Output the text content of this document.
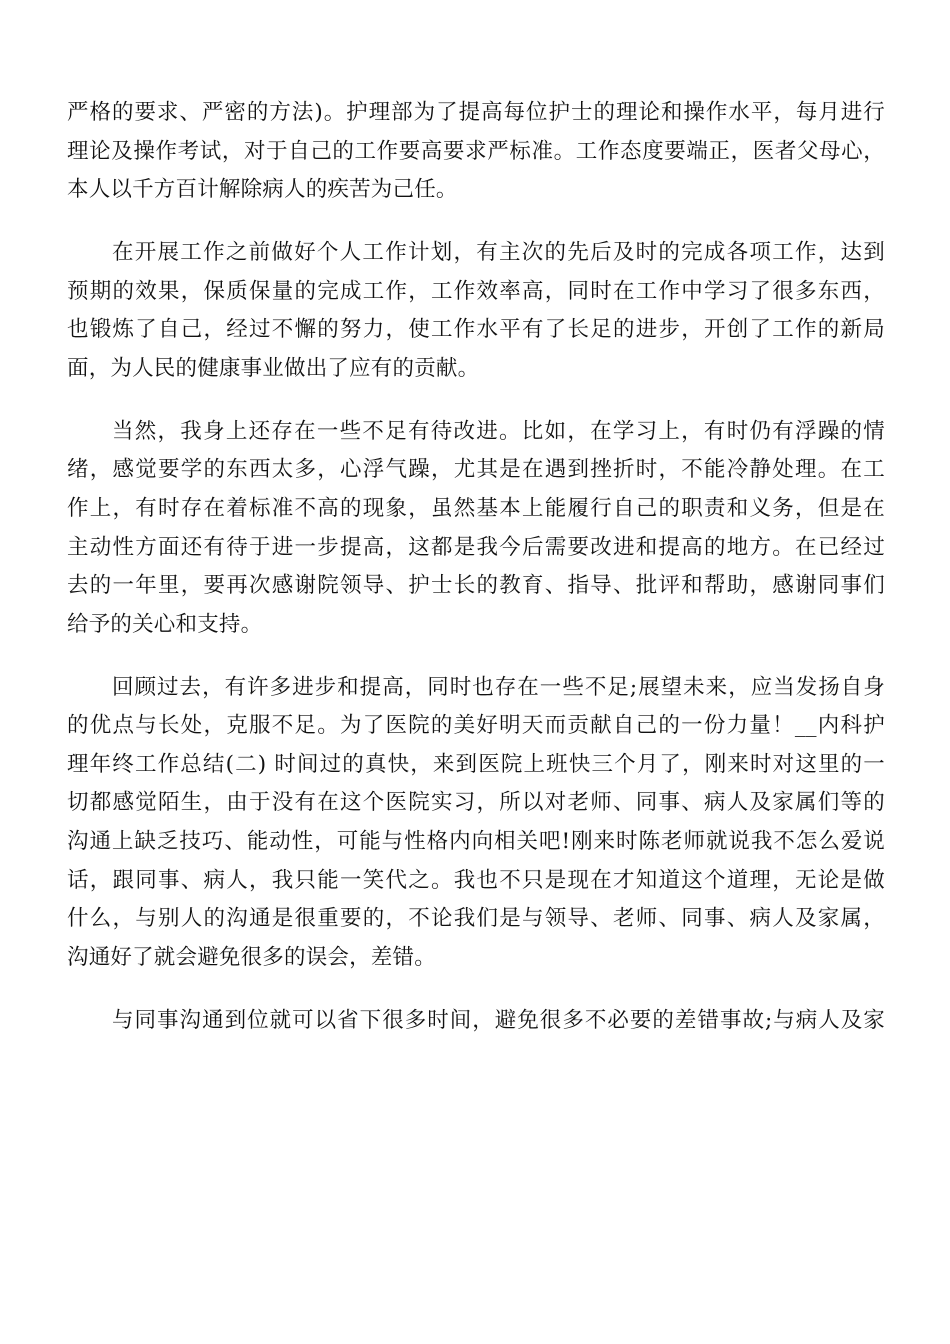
严格的要求、严密的方法)。护理部为了提高每位护士的理论和操作水平，每月进行
理论及操作考试，对于自己的工作要高要求严标准。工作态度要端正，医者父母心，
本人以千方百计解除病人的疾苦为己任。
在开展工作之前做好个人工作计划，有主次的先后及时的完成各项工作，达到
预期的效果，保质保量的完成工作，工作效率高，同时在工作中学习了很多东西，
也锻炼了自己，经过不懈的努力，使工作水平有了长足的进步，开创了工作的新局
面，为人民的健康事业做出了应有的贡献。
当然，我身上还存在一些不足有待改进。比如，在学习上，有时仍有浮躁的情
绪，感觉要学的东西太多，心浮气躁，尤其是在遇到挫折时，不能冷静处理。在工
作上，有时存在着标准不高的现象，虽然基本上能履行自己的职责和义务，但是在
主动性方面还有待于进一步提高，这都是我今后需要改进和提高的地方。在已经过
去的一年里，要再次感谢院领导、护士长的教育、指导、批评和帮助，感谢同事们
给予的关心和支持。
回顾过去，有许多进步和提高，同时也存在一些不足;展望未来，应当发扬自身
的优点与长处，克服不足。为了医院的美好明天而贡献自己的一份力量！__内科护
理年终工作总结(二) 时间过的真快，来到医院上班快三个月了，刚来时对这里的一
切都感觉陌生，由于没有在这个医院实习，所以对老师、同事、病人及家属们等的
沟通上缺乏技巧、能动性，可能与性格内向相关吧!刚来时陈老师就说我不怎么爱说
话，跟同事、病人，我只能一笑代之。我也不只是现在才知道这个道理，无论是做
什么，与别人的沟通是很重要的，不论我们是与领导、老师、同事、病人及家属，
沟通好了就会避免很多的误会，差错。
与同事沟通到位就可以省下很多时间，避免很多不必要的差错事故;与病人及家
